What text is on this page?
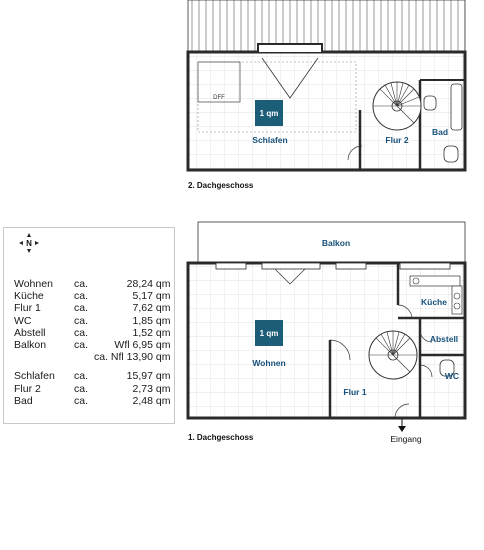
1 qm
Schlafen	Flur 2
Bad
DFF
2. Dachgeschoss
1 qm
Balkon
Küche
Abstell
Wohnen
Flur 1
WC
Eingang
1. Dachgeschoss
N
Wohnen	ca.	28,24 qm
Küche	ca.	5,17 qm
Flur 1	ca.	7,62 qm
WC	ca.	1,85 qm
Abstell	ca.	1,52 qm
Balkon	ca.	Wfl 6,95 qm
		ca. Nfl 13,90 qm

Schlafen	ca.	15,97 qm
Flur 2	ca.	2,73 qm
Bad	ca.	2,48 qm
